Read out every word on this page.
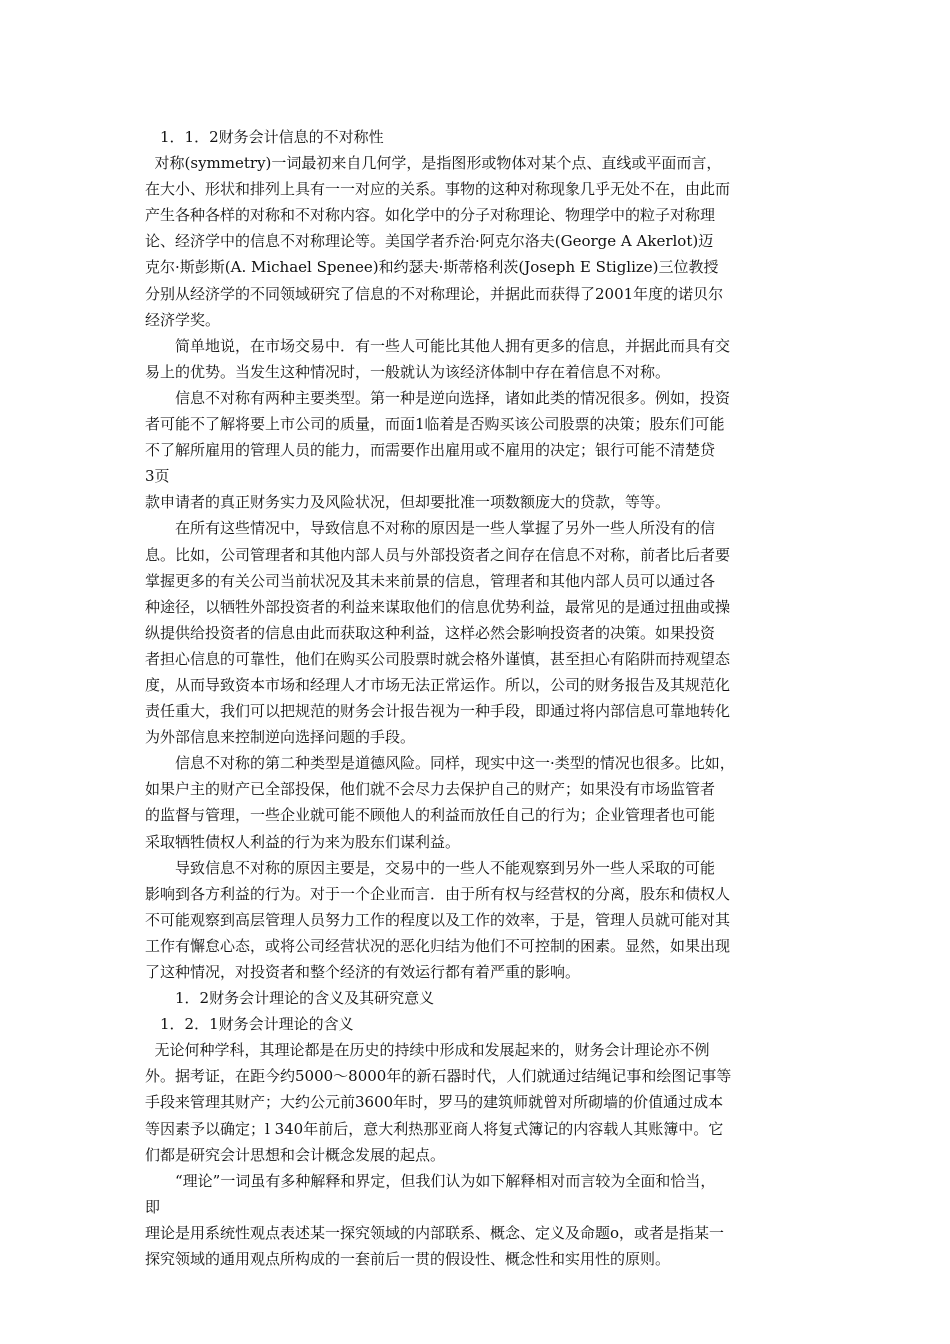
　1．1．2财务会计信息的不对称性
对称(symmetry)一词最初来自几何学，是指图形或物体对某个点、直线或平面而言，
在大小、形状和排列上具有一一对应的关系。事物的这种对称现象几乎无处不在，由此而
产生各种各样的对称和不对称内容。如化学中的分子对称理论、物理学中的粒子对称理
论、经济学中的信息不对称理论等。美国学者乔治·阿克尔洛夫(George A Akerlot)迈
克尔·斯彭斯(A. Michael Spenee)和约瑟夫·斯蒂格利茨(Joseph E Stiglize)三位教授
分别从经济学的不同领域研究了信息的不对称理论，并据此而获得了2001年度的诺贝尔
经济学奖。
　　简单地说，在市场交易中．有一些人可能比其他人拥有更多的信息，并据此而具有交
易上的优势。当发生这种情况时，一般就认为该经济体制中存在着信息不对称。
　　信息不对称有两种主要类型。第一种是逆向选择，诸如此类的情况很多。例如，投资
者可能不了解将要上市公司的质量，而面1临着是否购买该公司股票的决策；股东们可能
不了解所雇用的管理人员的能力，而需要作出雇用或不雇用的决定；银行可能不清楚贷
3页
款申请者的真正财务实力及风险状况，但却要批准一项数额庞大的贷款，等等。
　　在所有这些情况中，导致信息不对称的原因是一些人掌握了另外一些人所没有的信
息。比如，公司管理者和其他内部人员与外部投资者之间存在信息不对称，前者比后者要
掌握更多的有关公司当前状况及其未来前景的信息，管理者和其他内部人员可以通过各
种途径，以牺牲外部投资者的利益来谋取他们的信息优势利益，最常见的是通过扭曲或操
纵提供给投资者的信息由此而获取这种利益，这样必然会影响投资者的决策。如果投资
者担心信息的可靠性，他们在购买公司股票时就会格外谨慎，甚至担心有陷阱而持观望态
度，从而导致资本市场和经理人才市场无法正常运作。所以，公司的财务报告及其规范化
责任重大，我们可以把规范的财务会计报告视为一种手段，即通过将内部信息可靠地转化
为外部信息来控制逆向选择问题的手段。
　　信息不对称的第二种类型是道德风险。同样，现实中这一·类型的情况也很多。比如，
如果户主的财产已全部投保，他们就不会尽力去保护自己的财产；如果没有市场监管者
的监督与管理，一些企业就可能不顾他人的利益而放任自己的行为；企业管理者也可能
采取牺牲债权人利益的行为来为股东们谋利益。
　　导致信息不对称的原因主要是，交易中的一些人不能观察到另外一些人采取的可能
影响到各方利益的行为。对于一个企业而言．由于所有权与经营权的分离，股东和债权人
不可能观察到高层管理人员努力工作的程度以及工作的效率，于是，管理人员就可能对其
工作有懈怠心态，或将公司经营状况的恶化归结为他们不可控制的困素。显然，如果出现
了这种情况，对投资者和整个经济的有效运行都有着严重的影响。
　　1．2财务会计理论的含义及其研究意义
　1．2．1财务会计理论的含义
无论何种学科，其理论都是在历史的持续中形成和发展起来的，财务会计理论亦不例
外。据考证，在距今约5000～8000年的新石器时代，人们就通过结绳记事和绘图记事等
手段来管理其财产；大约公元前3600年时，罗马的建筑师就曾对所砌墙的价值通过成本
等因素予以确定；l 340年前后，意大利热那亚商人将复式簿记的内容载人其账簿中。它
们都是研究会计思想和会计概念发展的起点。
　　“理论”一词虽有多种解释和界定，但我们认为如下解释相对而言较为全面和恰当，
即
理论是用系统性观点表述某一探究领域的内部联系、概念、定义及命题o，或者是指某一
探究领域的通用观点所构成的一套前后一贯的假设性、概念性和实用性的原则。
